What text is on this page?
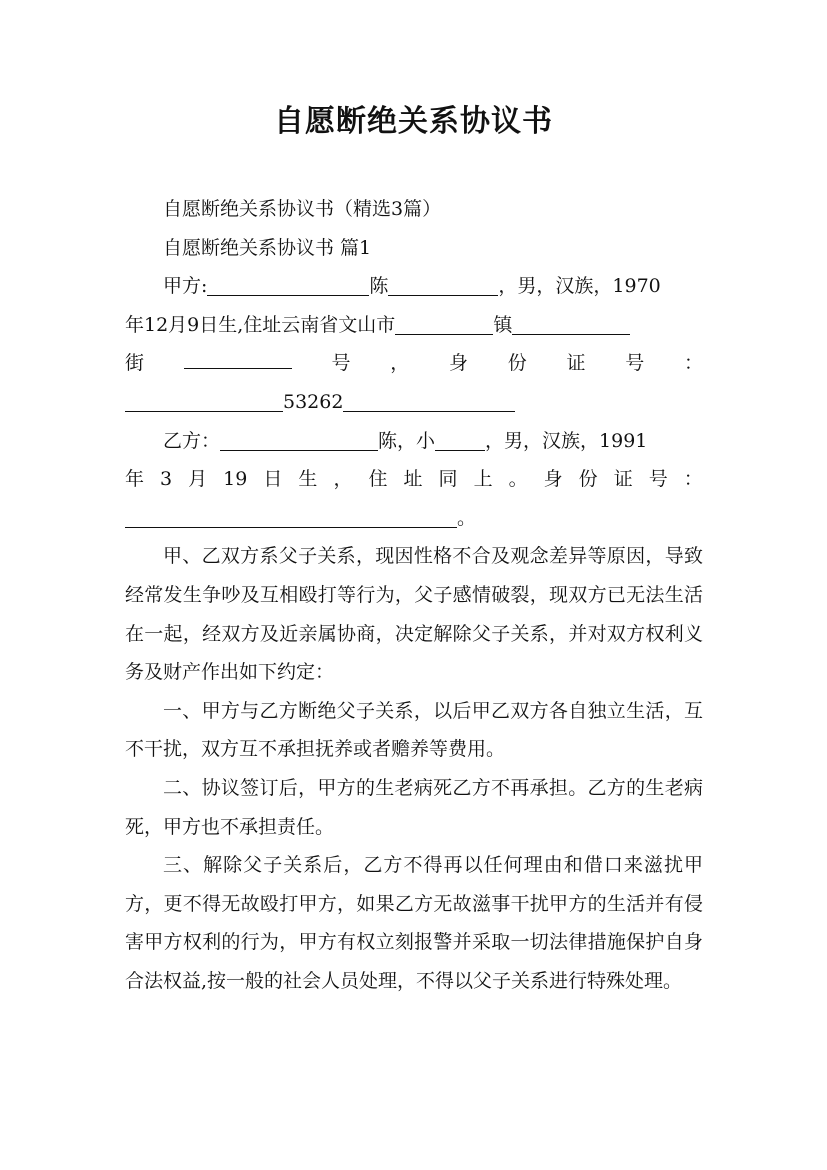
自愿断绝关系协议书

自愿断绝关系协议书（精选3篇）

自愿断绝关系协议书 篇1

甲方:	陈	，男，汉族，1970
年12月9日生,住址云南省文山市	镇
街	号 ， 身 份 证 号 ：
53262
乙方：	陈，小	，男，汉族，1991
年 3 月 19 日 生 ， 住 址 同 上 。 身 份 证 号 ：
。

甲、乙双方系父子关系，现因性格不合及观念差异等原因，导致经常发生争吵及互相殴打等行为，父子感情破裂，现双方已无法生活在一起，经双方及近亲属协商，决定解除父子关系，并对双方权利义务及财产作出如下约定：

一、甲方与乙方断绝父子关系，以后甲乙双方各自独立生活，互不干扰，双方互不承担抚养或者赡养等费用。

二、协议签订后，甲方的生老病死乙方不再承担。乙方的生老病死，甲方也不承担责任。

三、解除父子关系后，乙方不得再以任何理由和借口来滋扰甲方，更不得无故殴打甲方，如果乙方无故滋事干扰甲方的生活并有侵害甲方权利的行为，甲方有权立刻报警并采取一切法律措施保护自身合法权益,按一般的社会人员处理，不得以父子关系进行特殊处理。
